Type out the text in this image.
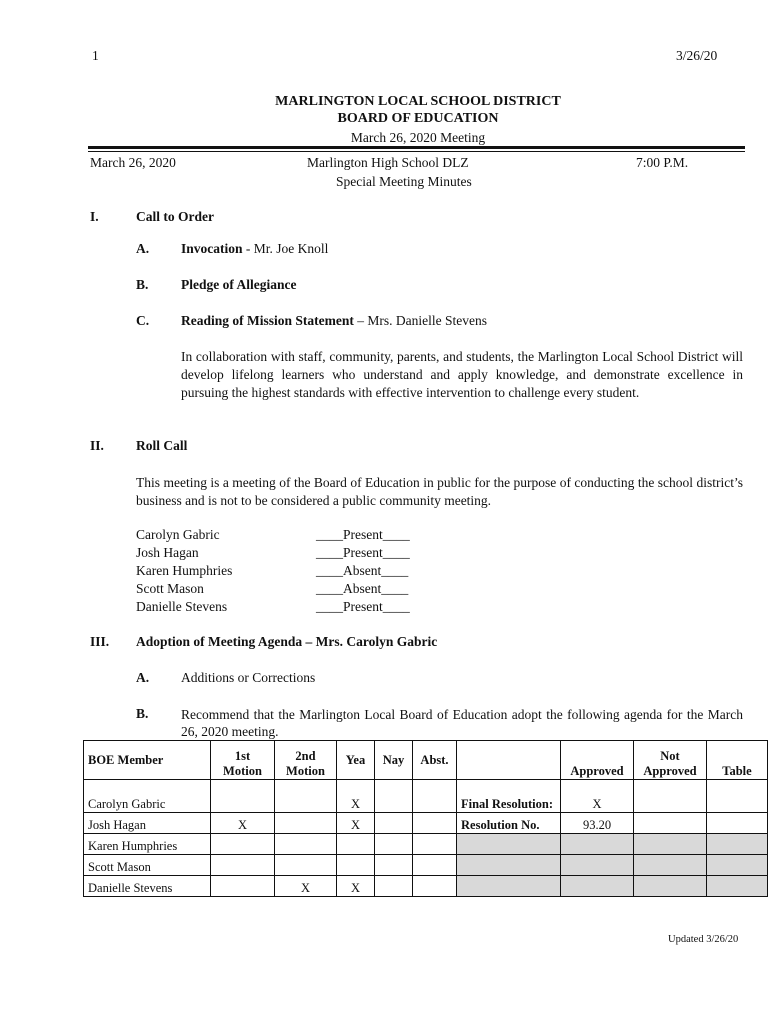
1	3/26/20
MARLINGTON LOCAL SCHOOL DISTRICT
BOARD OF EDUCATION
March 26, 2020 Meeting
March 26, 2020	Marlington High School DLZ	7:00 P.M.
Special Meeting Minutes
I.	Call to Order
A. Invocation - Mr. Joe Knoll
B. Pledge of Allegiance
C. Reading of Mission Statement – Mrs. Danielle Stevens
In collaboration with staff, community, parents, and students, the Marlington Local School District will develop lifelong learners who understand and apply knowledge, and demonstrate excellence in pursuing the highest standards with effective intervention to challenge every student.
II. Roll Call
This meeting is a meeting of the Board of Education in public for the purpose of conducting the school district’s business and is not to be considered a public community meeting.
Carolyn Gabric	____Present____
Josh Hagan	____Present____
Karen Humphries	____Absent____
Scott Mason	____Absent____
Danielle Stevens	____Present____
III. Adoption of Meeting Agenda – Mrs. Carolyn Gabric
A. Additions or Corrections
B. Recommend that the Marlington Local Board of Education adopt the following agenda for the March 26, 2020 meeting.
BOE Member	1st Motion	2nd Motion	Yea	Nay	Abst.		Approved	Not Approved	Table
Carolyn Gabric			X			Final Resolution:	X		
Josh Hagan	X		X			Resolution No.	93.20		
Karen Humphries									
Scott Mason									
Danielle Stevens		X	X						
Updated 3/26/20
